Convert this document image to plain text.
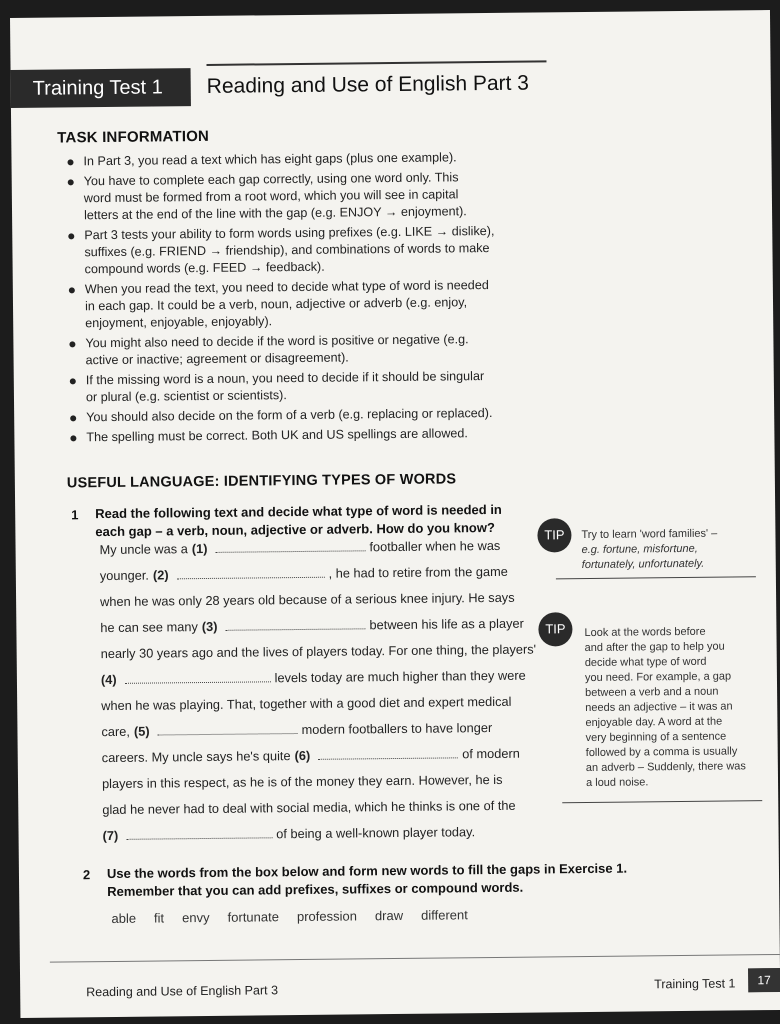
Training Test 1	Reading and Use of English Part 3
TASK INFORMATION
In Part 3, you read a text which has eight gaps (plus one example).
You have to complete each gap correctly, using one word only. This
word must be formed from a root word, which you will see in capital
letters at the end of the line with the gap (e.g. ENJOY → enjoyment).
Part 3 tests your ability to form words using prefixes (e.g. LIKE → dislike),
suffixes (e.g. FRIEND → friendship), and combinations of words to make
compound words (e.g. FEED → feedback).
When you read the text, you need to decide what type of word is needed
in each gap. It could be a verb, noun, adjective or adverb (e.g. enjoy,
enjoyment, enjoyable, enjoyably).
You might also need to decide if the word is positive or negative (e.g.
active or inactive; agreement or disagreement).
If the missing word is a noun, you need to decide if it should be singular
or plural (e.g. scientist or scientists).
You should also decide on the form of a verb (e.g. replacing or replaced).
The spelling must be correct. Both UK and US spellings are allowed.
USEFUL LANGUAGE: IDENTIFYING TYPES OF WORDS
1 Read the following text and decide what type of word is needed in
each gap – a verb, noun, adjective or adverb. How do you know?
My uncle was a (1)	footballer when he was
younger. (2)	, he had to retire from the game
when he was only 28 years old because of a serious knee injury. He says
he can see many (3)	between his life as a player
nearly 30 years ago and the lives of players today. For one thing, the players'
(4)	levels today are much higher than they were
when he was playing. That, together with a good diet and expert medical
care, (5)	modern footballers to have longer
careers. My uncle says he's quite (6)	of modern
players in this respect, as he is of the money they earn. However, he is
glad he never had to deal with social media, which he thinks is one of the
(7)	of being a well-known player today.
TIP	Try to learn 'word families' –
e.g. fortune, misfortune,
fortunately, unfortunately.
TIP	Look at the words before
and after the gap to help you
decide what type of word
you need. For example, a gap
between a verb and a noun
needs an adjective – it was an
enjoyable day. A word at the
very beginning of a sentence
followed by a comma is usually
an adverb – Suddenly, there was
a loud noise.
2 Use the words from the box below and form new words to fill the gaps in Exercise 1.
Remember that you can add prefixes, suffixes or compound words.
able fit envy fortunate profession draw different
Reading and Use of English Part 3	Training Test 1	17
